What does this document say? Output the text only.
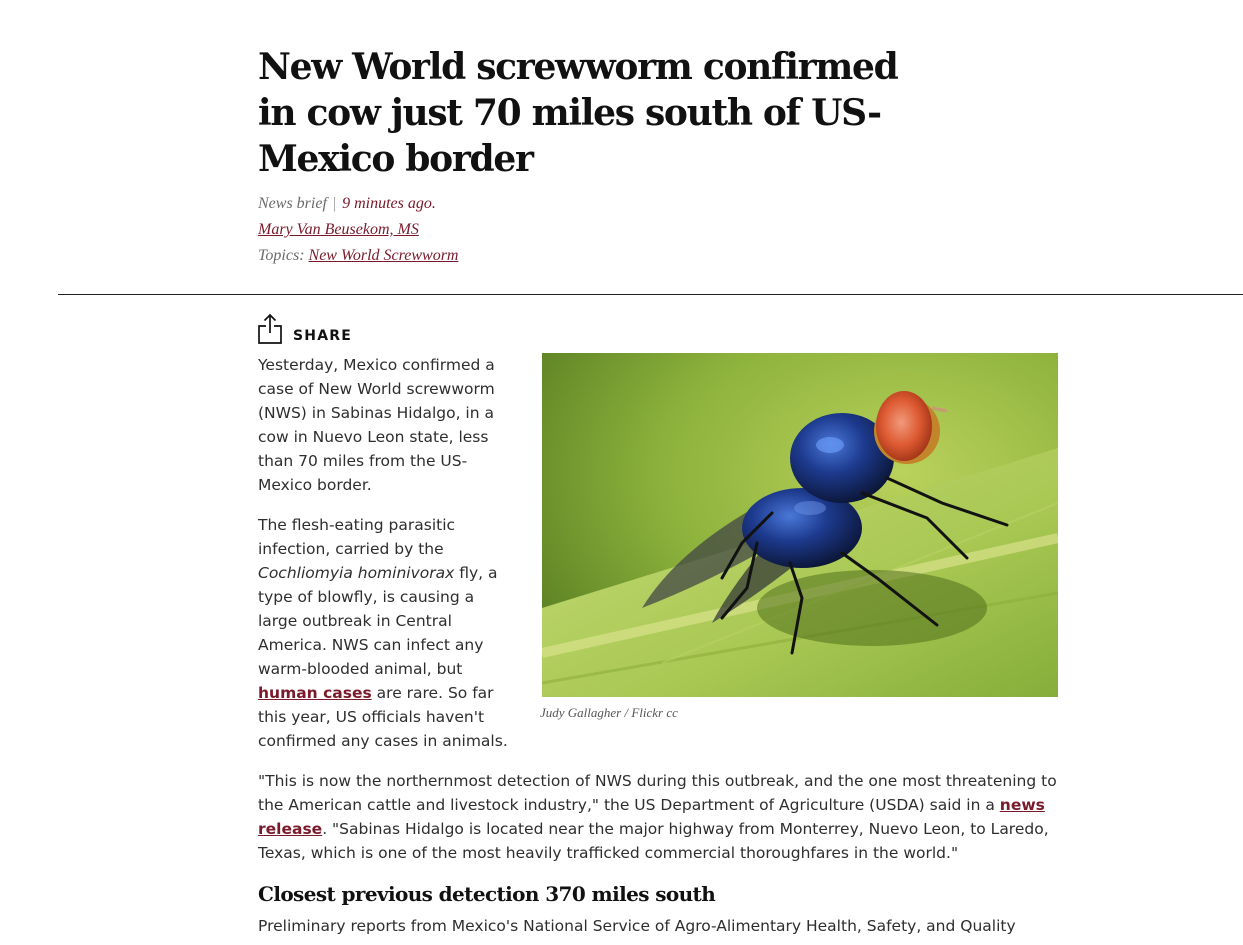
New World screwworm confirmed in cow just 70 miles south of US-Mexico border
News brief | 9 minutes ago.
Mary Van Beusekom, MS
Topics: New World Screwworm
SHARE

Yesterday, Mexico confirmed a case of New World screwworm (NWS) in Sabinas Hidalgo, in a cow in Nuevo Leon state, less than 70 miles from the US-Mexico border.

The flesh-eating parasitic infection, carried by the Cochliomyia hominivorax fly, a type of blowfly, is causing a large outbreak in Central America. NWS can infect any warm-blooded animal, but human cases are rare. So far this year, US officials haven't confirmed any cases in animals.

Judy Gallagher / Flickr cc

"This is now the northernmost detection of NWS during this outbreak, and the one most threatening to the American cattle and livestock industry," the US Department of Agriculture (USDA) said in a news release. "Sabinas Hidalgo is located near the major highway from Monterrey, Nuevo Leon, to Laredo, Texas, which is one of the most heavily trafficked commercial thoroughfares in the world."

Closest previous detection 370 miles south

Preliminary reports from Mexico's National Service of Agro-Alimentary Health, Safety, and Quality
